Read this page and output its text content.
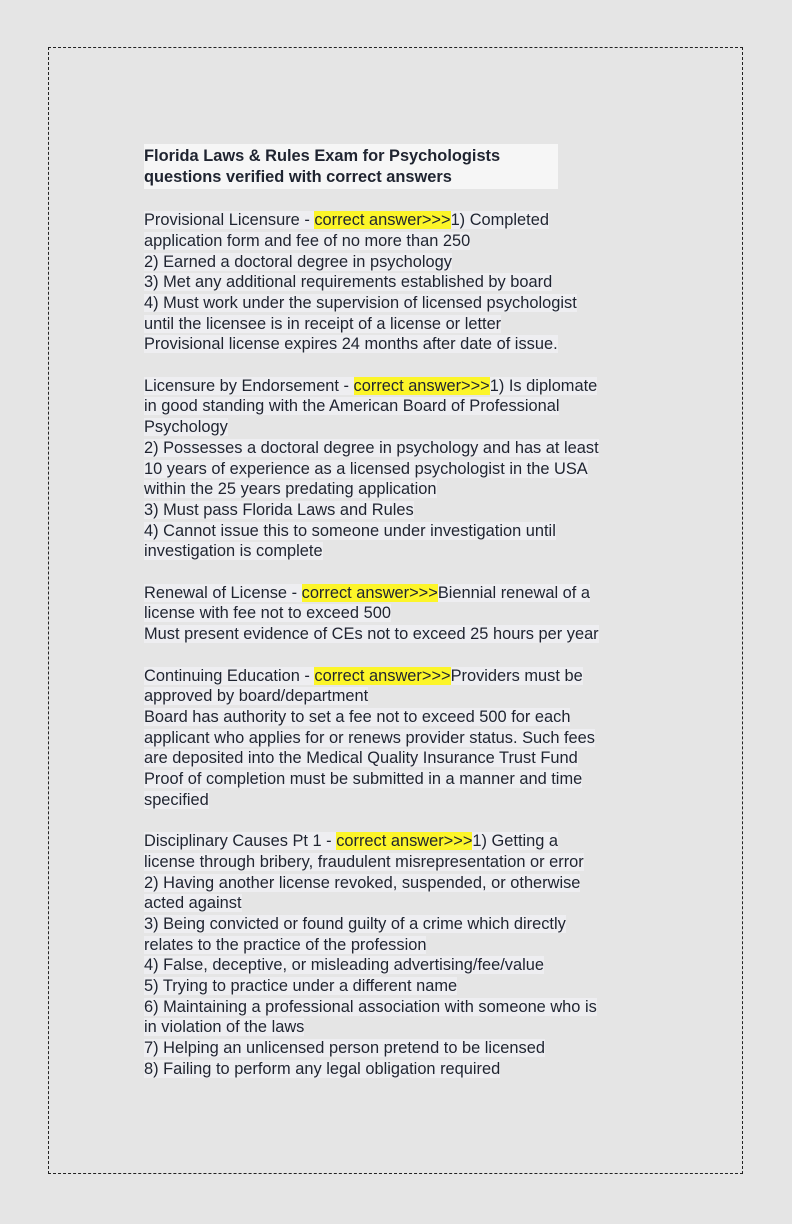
Florida Laws & Rules Exam for Psychologists
questions verified with correct answers
Provisional Licensure - correct answer>>>1) Completed
application form and fee of no more than 250
2) Earned a doctoral degree in psychology
3) Met any additional requirements established by board
4) Must work under the supervision of licensed psychologist
until the licensee is in receipt of a license or letter
Provisional license expires 24 months after date of issue.
Licensure by Endorsement - correct answer>>>1) Is diplomate
in good standing with the American Board of Professional
Psychology
2) Possesses a doctoral degree in psychology and has at least
10 years of experience as a licensed psychologist in the USA
within the 25 years predating application
3) Must pass Florida Laws and Rules
4) Cannot issue this to someone under investigation until
investigation is complete
Renewal of License - correct answer>>>Biennial renewal of a
license with fee not to exceed 500
Must present evidence of CEs not to exceed 25 hours per year
Continuing Education - correct answer>>>Providers must be
approved by board/department
Board has authority to set a fee not to exceed 500 for each
applicant who applies for or renews provider status. Such fees
are deposited into the Medical Quality Insurance Trust Fund
Proof of completion must be submitted in a manner and time
specified
Disciplinary Causes Pt 1 - correct answer>>>1) Getting a
license through bribery, fraudulent misrepresentation or error
2) Having another license revoked, suspended, or otherwise
acted against
3) Being convicted or found guilty of a crime which directly
relates to the practice of the profession
4) False, deceptive, or misleading advertising/fee/value
5) Trying to practice under a different name
6) Maintaining a professional association with someone who is
in violation of the laws
7) Helping an unlicensed person pretend to be licensed
8) Failing to perform any legal obligation required
